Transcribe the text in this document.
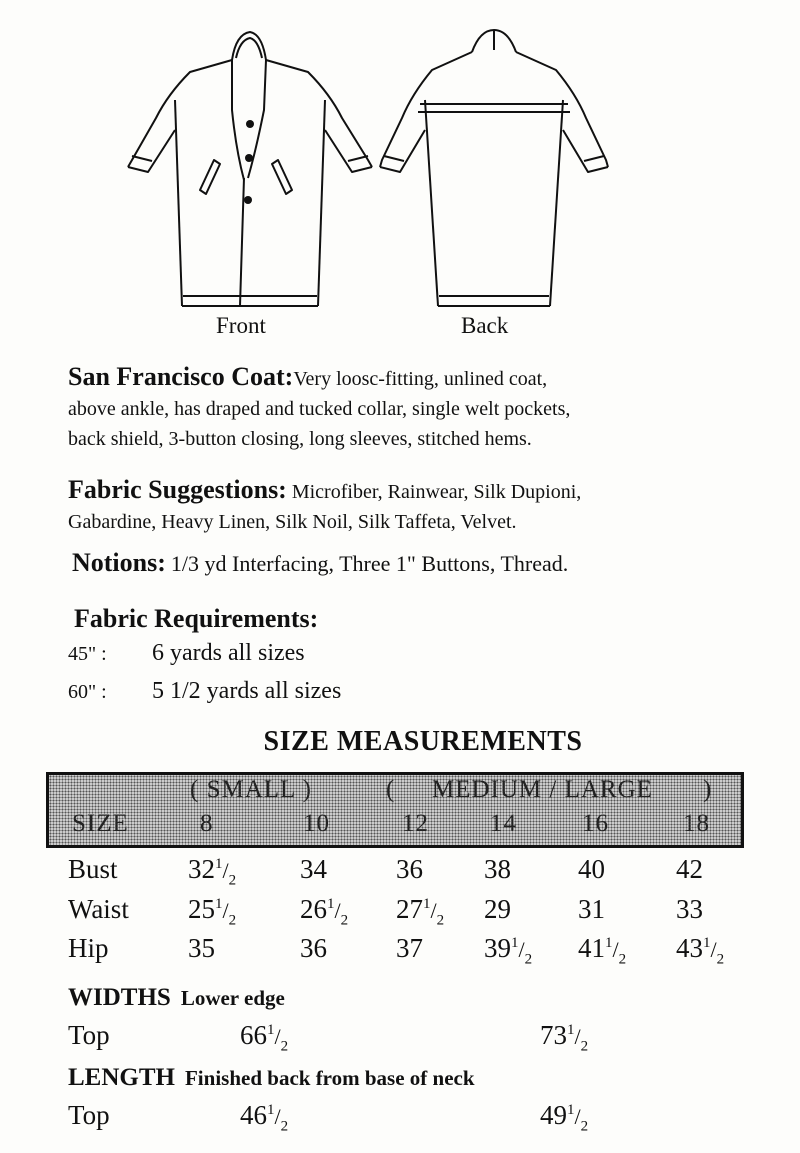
Front	Back
San Francisco Coat:Very loosc-fitting, unlined coat,
above ankle, has draped and tucked collar, single welt pockets,
back shield, 3-button closing, long sleeves, stitched hems.
Fabric Suggestions: Microfiber, Rainwear, Silk Dupioni,
Gabardine, Heavy Linen, Silk Noil, Silk Taffeta, Velvet.
Notions: 1/3 yd Interfacing, Three 1" Buttons, Thread.
Fabric Requirements:
45" : 6 yards all sizes
60" : 5 1/2 yards all sizes
SIZE MEASUREMENTS
( SMALL )	( MEDIUM / LARGE )
SIZE	8	10	12 14	16	18
Bust	$32^1/_2$ 34	36 38 40	42
Waist $25^1/_2$ $26^1/_2$ $27^1/_2$ 29 31	33
Hip	35	36	37 $39^1/_2$ $41^1/_2$ $43^1/_2$
WIDTHS Lower edge
Top	$66^1/_2$	$73^1/_2$
LENGTH Finished back from base of neck
Top	$46^1/_2$	$49^1/_2$
